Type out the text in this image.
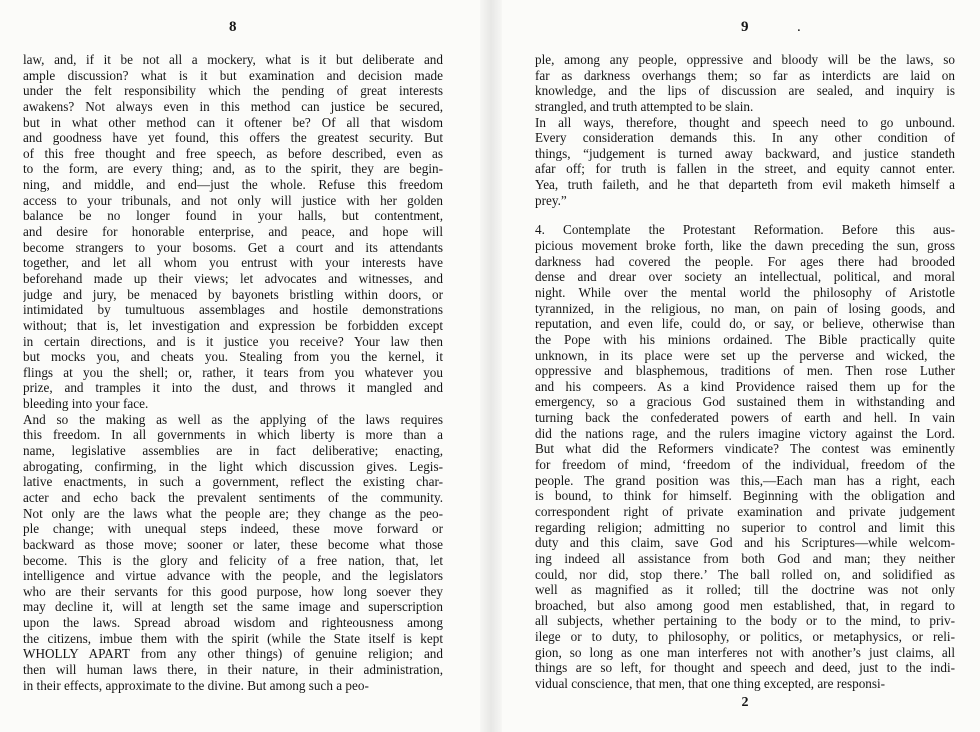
8
law, and, if it be not all a mockery, what is it but deliberate and
ample discussion? what is it but examination and decision made
under the felt responsibility which the pending of great interests
awakens? Not always even in this method can justice be secured,
but in what other method can it oftener be? Of all that wisdom
and goodness have yet found, this offers the greatest security. But
of this free thought and free speech, as before described, even as
to the form, are every thing; and, as to the spirit, they are begin-
ning, and middle, and end—just the whole. Refuse this freedom
access to your tribunals, and not only will justice with her golden
balance be no longer found in your halls, but contentment,
and desire for honorable enterprise, and peace, and hope will
become strangers to your bosoms. Get a court and its attendants
together, and let all whom you entrust with your interests have
beforehand made up their views; let advocates and witnesses, and
judge and jury, be menaced by bayonets bristling within doors, or
intimidated by tumultuous assemblages and hostile demonstrations
without; that is, let investigation and expression be forbidden except
in certain directions, and is it justice you receive? Your law then
but mocks you, and cheats you. Stealing from you the kernel, it
flings at you the shell; or, rather, it tears from you whatever you
prize, and tramples it into the dust, and throws it mangled and
bleeding into your face.
And so the making as well as the applying of the laws requires
this freedom. In all governments in which liberty is more than a
name, legislative assemblies are in fact deliberative; enacting,
abrogating, confirming, in the light which discussion gives. Legis-
lative enactments, in such a government, reflect the existing char-
acter and echo back the prevalent sentiments of the community.
Not only are the laws what the people are; they change as the peo-
ple change; with unequal steps indeed, these move forward or
backward as those move; sooner or later, these become what those
become. This is the glory and felicity of a free nation, that, let
intelligence and virtue advance with the people, and the legislators
who are their servants for this good purpose, how long soever they
may decline it, will at length set the same image and superscription
upon the laws. Spread abroad wisdom and righteousness among
the citizens, imbue them with the spirit (while the State itself is kept
WHOLLY APART from any other things) of genuine religion; and
then will human laws there, in their nature, in their administration,
in their effects, approximate to the divine. But among such a peo-
9	.
ple, among any people, oppressive and bloody will be the laws, so
far as darkness overhangs them; so far as interdicts are laid on
knowledge, and the lips of discussion are sealed, and inquiry is
strangled, and truth attempted to be slain.
In all ways, therefore, thought and speech need to go unbound.
Every consideration demands this. In any other condition of
things, “judgement is turned away backward, and justice standeth
afar off; for truth is fallen in the street, and equity cannot enter.
Yea, truth faileth, and he that departeth from evil maketh himself a
prey.”
4. Contemplate the Protestant Reformation. Before this aus-
picious movement broke forth, like the dawn preceding the sun, gross
darkness had covered the people. For ages there had brooded
dense and drear over society an intellectual, political, and moral
night. While over the mental world the philosophy of Aristotle
tyrannized, in the religious, no man, on pain of losing goods, and
reputation, and even life, could do, or say, or believe, otherwise than
the Pope with his minions ordained. The Bible practically quite
unknown, in its place were set up the perverse and wicked, the
oppressive and blasphemous, traditions of men. Then rose Luther
and his compeers. As a kind Providence raised them up for the
emergency, so a gracious God sustained them in withstanding and
turning back the confederated powers of earth and hell. In vain
did the nations rage, and the rulers imagine victory against the Lord.
But what did the Reformers vindicate? The contest was eminently
for freedom of mind, ‘freedom of the individual, freedom of the
people. The grand position was this,—Each man has a right, each
is bound, to think for himself. Beginning with the obligation and
correspondent right of private examination and private judgement
regarding religion; admitting no superior to control and limit this
duty and this claim, save God and his Scriptures—while welcom-
ing indeed all assistance from both God and man; they neither
could, nor did, stop there.’ The ball rolled on, and solidified as
well as magnified as it rolled; till the doctrine was not only
broached, but also among good men established, that, in regard to
all subjects, whether pertaining to the body or to the mind, to priv-
ilege or to duty, to philosophy, or politics, or metaphysics, or reli-
gion, so long as one man interferes not with another’s just claims, all
things are so left, for thought and speech and deed, just to the indi-
vidual conscience, that men, that one thing excepted, are responsi-
2
